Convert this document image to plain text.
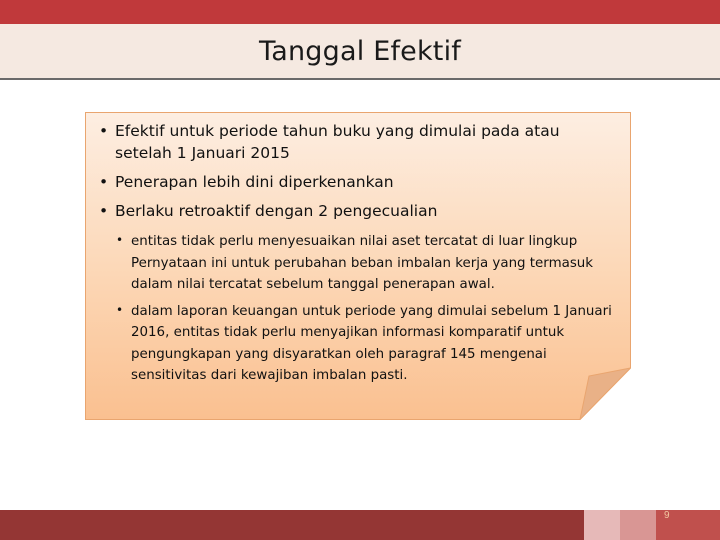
Tanggal Efektif
• Efektif untuk periode tahun buku yang dimulai pada atau setelah 1 Januari 2015
• Penerapan lebih dini diperkenankan
• Berlaku retroaktif dengan 2 pengecualian
• entitas tidak perlu menyesuaikan nilai aset tercatat di luar lingkup Pernyataan ini untuk perubahan beban imbalan kerja yang termasuk dalam nilai tercatat sebelum tanggal penerapan awal.
• dalam laporan keuangan untuk periode yang dimulai sebelum 1 Januari 2016, entitas tidak perlu menyajikan informasi komparatif untuk pengungkapan yang disyaratkan oleh paragraf 145 mengenai sensitivitas dari kewajiban imbalan pasti.
9
